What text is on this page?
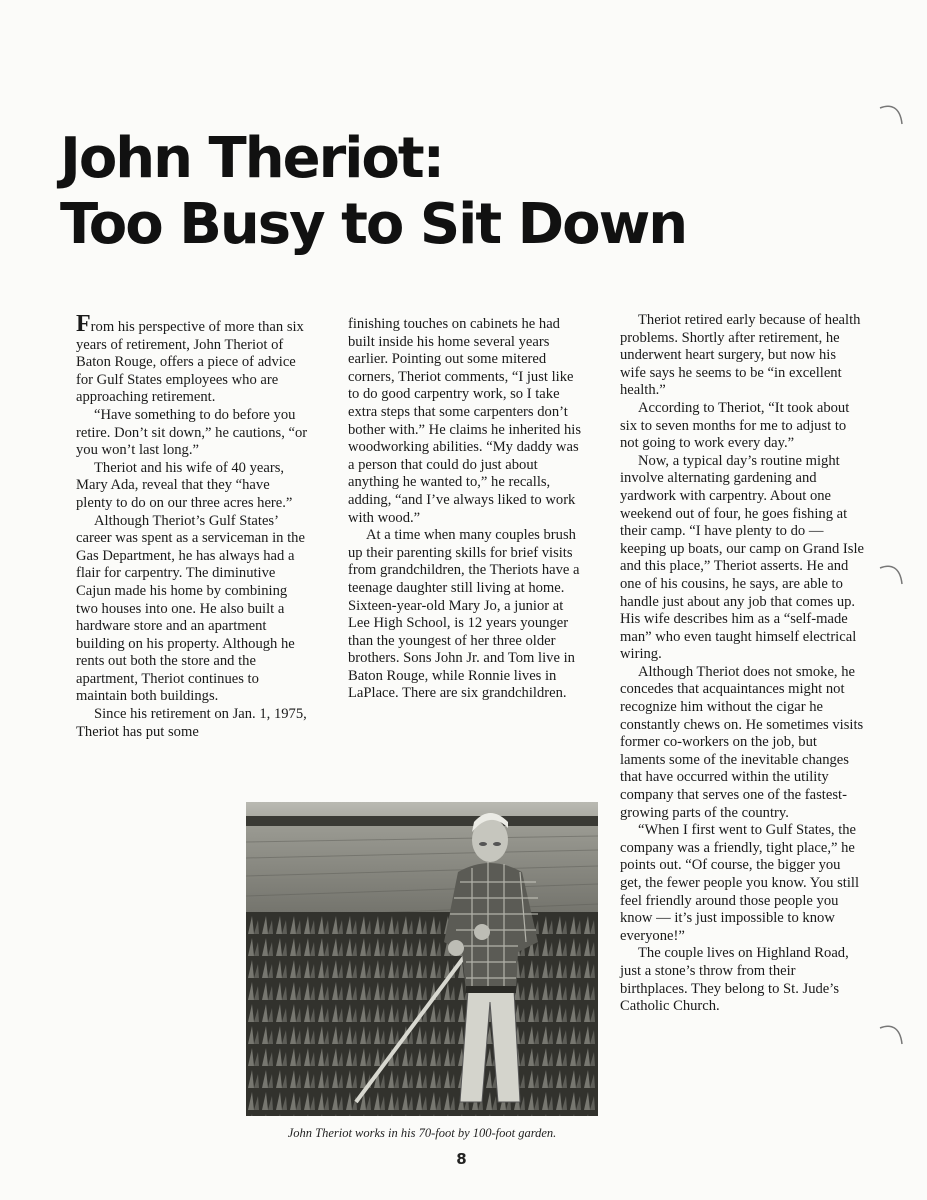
John Theriot:
Too Busy to Sit Down

From his perspective of more than six years of retirement, John Theriot of Baton Rouge, offers a piece of advice for Gulf States employees who are approaching retirement.

“Have something to do before you retire. Don’t sit down,” he cautions, “or you won’t last long.”

Theriot and his wife of 40 years, Mary Ada, reveal that they “have plenty to do on our three acres here.”

Although Theriot’s Gulf States’ career was spent as a serviceman in the Gas Department, he has always had a flair for carpentry. The diminutive Cajun made his home by combining two houses into one. He also built a hardware store and an apartment building on his property. Although he rents out both the store and the apartment, Theriot continues to maintain both buildings.

Since his retirement on Jan. 1, 1975, Theriot has put some

finishing touches on cabinets he had built inside his home several years earlier. Pointing out some mitered corners, Theriot comments, “I just like to do good carpentry work, so I take extra steps that some carpenters don’t bother with.” He claims he inherited his woodworking abilities. “My daddy was a person that could do just about anything he wanted to,” he recalls, adding, “and I’ve always liked to work with wood.”

At a time when many couples brush up their parenting skills for brief visits from grandchildren, the Theriots have a teenage daughter still living at home. Sixteen-year-old Mary Jo, a junior at Lee High School, is 12 years younger than the youngest of her three older brothers. Sons John Jr. and Tom live in Baton Rouge, while Ronnie lives in LaPlace. There are six grandchildren.

Theriot retired early because of health problems. Shortly after retirement, he underwent heart surgery, but now his wife says he seems to be “in excellent health.”

According to Theriot, “It took about six to seven months for me to adjust to not going to work every day.”

Now, a typical day’s routine might involve alternating gardening and yardwork with carpentry. About one weekend out of four, he goes fishing at their camp. “I have plenty to do — keeping up boats, our camp on Grand Isle and this place,” Theriot asserts. He and one of his cousins, he says, are able to handle just about any job that comes up. His wife describes him as a “self-made man” who even taught himself electrical wiring.

Although Theriot does not smoke, he concedes that acquaintances might not recognize him without the cigar he constantly chews on. He sometimes visits former co-workers on the job, but laments some of the inevitable changes that have occurred within the utility company that serves one of the fastest-growing parts of the country.

“When I first went to Gulf States, the company was a friendly, tight place,” he points out. “Of course, the bigger you get, the fewer people you know. You still feel friendly around those people you know — it’s just impossible to know everyone!”

The couple lives on Highland Road, just a stone’s throw from their birthplaces. They belong to St. Jude’s Catholic Church.

John Theriot works in his 70-foot by 100-foot garden.
8
